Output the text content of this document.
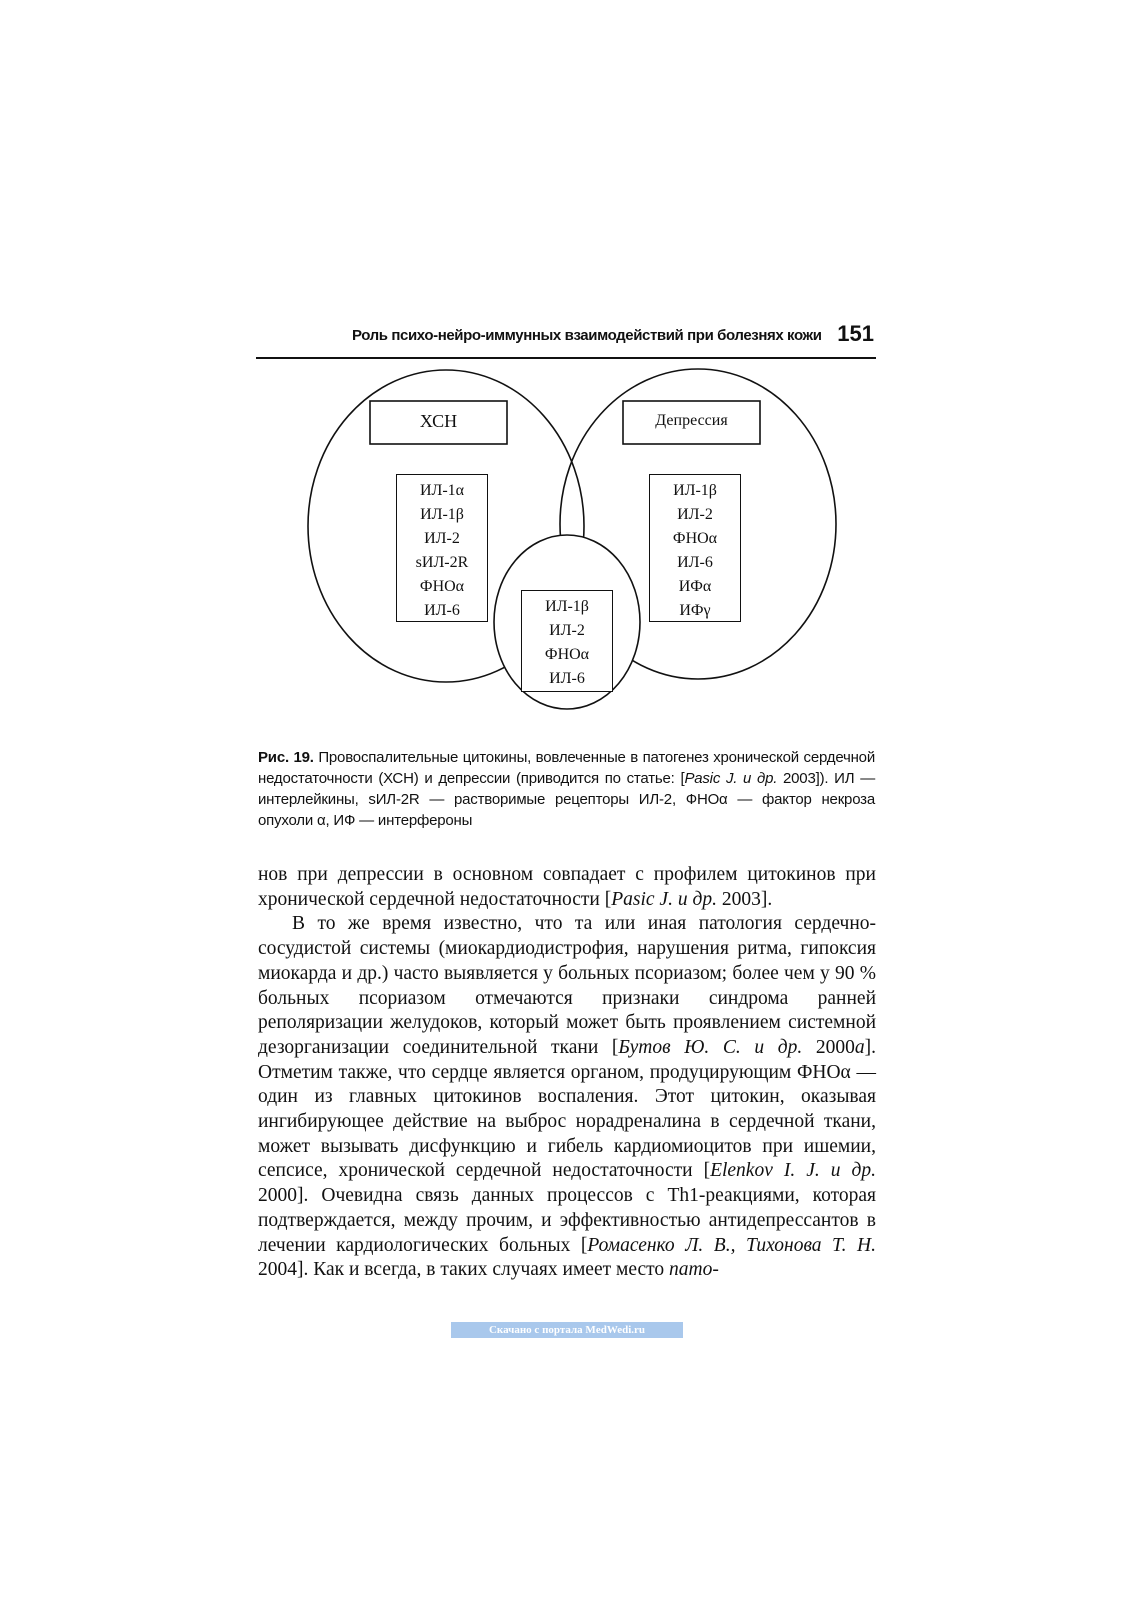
Роль психо-нейро-иммунных взаимодействий при болезнях кожи 151
ХСН	Депрессия
ИЛ-1α
ИЛ-1β
ИЛ-2
sИЛ-2R
ФНОα
ИЛ-6
ИЛ-1β
ИЛ-2
ФНОα
ИЛ-6
ИФα
ИФγ
ИЛ-1β
ИЛ-2
ФНОα
ИЛ-6
Рис. 19. Провоспалительные цитокины, вовлеченные в патогенез хронической сердечной недостаточности (ХСН) и депрессии (приводится по статье: [Pasic J. и др. 2003]). ИЛ — интерлейкины, sИЛ-2R — растворимые рецепторы ИЛ-2, ФНОα — фактор некроза опухоли α, ИФ — интерфероны

нов при депрессии в основном совпадает с профилем цитокинов при хронической сердечной недостаточности [Pasic J. и др. 2003].

В то же время известно, что та или иная патология сердечно-сосудистой системы (миокардиодистрофия, нарушения ритма, гипоксия миокарда и др.) часто выявляется у больных псориазом; более чем у 90 % больных псориазом отмечаются признаки синдрома ранней реполяризации желудоков, который может быть проявлением системной дезорганизации соединительной ткани [Бутов Ю. С. и др. 2000а]. Отметим также, что сердце является органом, продуцирующим ФНОα — один из главных цитокинов воспаления. Этот цитокин, оказывая ингибирующее действие на выброс норадреналина в сердечной ткани, может вызывать дисфункцию и гибель кардиомиоцитов при ишемии, сепсисе, хронической сердечной недостаточности [Elenkov I. J. и др. 2000]. Очевидна связь данных процессов с Th1-реакциями, которая подтверждается, между прочим, и эффективностью антидепрессантов в лечении кардиологических больных [Ромасенко Л. В., Тихонова Т. Н. 2004]. Как и всегда, в таких случаях имеет место пато-

Скачано с портала MedWedi.ru
